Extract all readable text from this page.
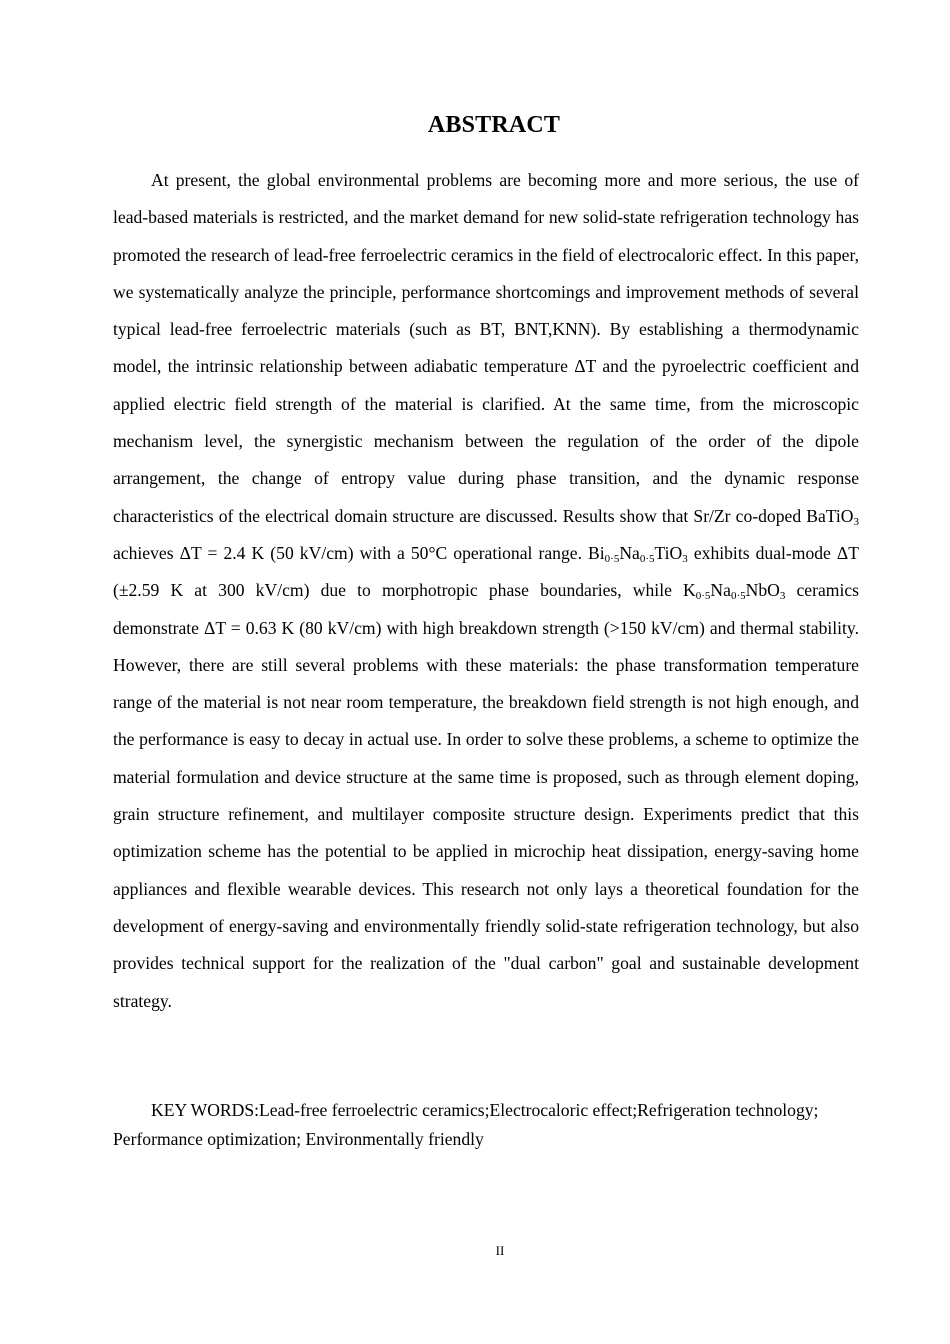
ABSTRACT

At present, the global environmental problems are becoming more and more serious, the use of lead-based materials is restricted, and the market demand for new solid-state refrigeration technology has promoted the research of lead-free ferroelectric ceramics in the field of electrocaloric effect. In this paper, we systematically analyze the principle, performance shortcomings and improvement methods of several typical lead-free ferroelectric materials (such as BT, BNT,KNN). By establishing a thermodynamic model, the intrinsic relationship between adiabatic temperature ΔT and the pyroelectric coefficient and applied electric field strength of the material is clarified. At the same time, from the microscopic mechanism level, the synergistic mechanism between the regulation of the order of the dipole arrangement, the change of entropy value during phase transition, and the dynamic response characteristics of the electrical domain structure are discussed. Results show that Sr/Zr co-doped BaTiO$_3$ achieves ΔT = 2.4 K (50 kV/cm) with a 50°C operational range. $Bi_{0\cdot 5}Na_{0\cdot 5}TiO_3$ exhibits dual-mode ΔT (±2.59 K at 300 kV/cm) due to morphotropic phase boundaries, while $K_{0\cdot 5}Na_{0\cdot 5}NbO_3$ ceramics demonstrate ΔT = 0.63 K (80 kV/cm) with high breakdown strength (>150 kV/cm) and thermal stability. However, there are still several problems with these materials: the phase transformation temperature range of the material is not near room temperature, the breakdown field strength is not high enough, and the performance is easy to decay in actual use. In order to solve these problems, a scheme to optimize the material formulation and device structure at the same time is proposed, such as through element doping, grain structure refinement, and multilayer composite structure design. Experiments predict that this optimization scheme has the potential to be applied in microchip heat dissipation, energy-saving home appliances and flexible wearable devices. This research not only lays a theoretical foundation for the development of energy-saving and environmentally friendly solid-state refrigeration technology, but also provides technical support for the realization of the "dual carbon" goal and sustainable development strategy.

KEY WORDS:Lead-free ferroelectric ceramics;Electrocaloric effect;Refrigeration technology; Performance optimization; Environmentally friendly

II
